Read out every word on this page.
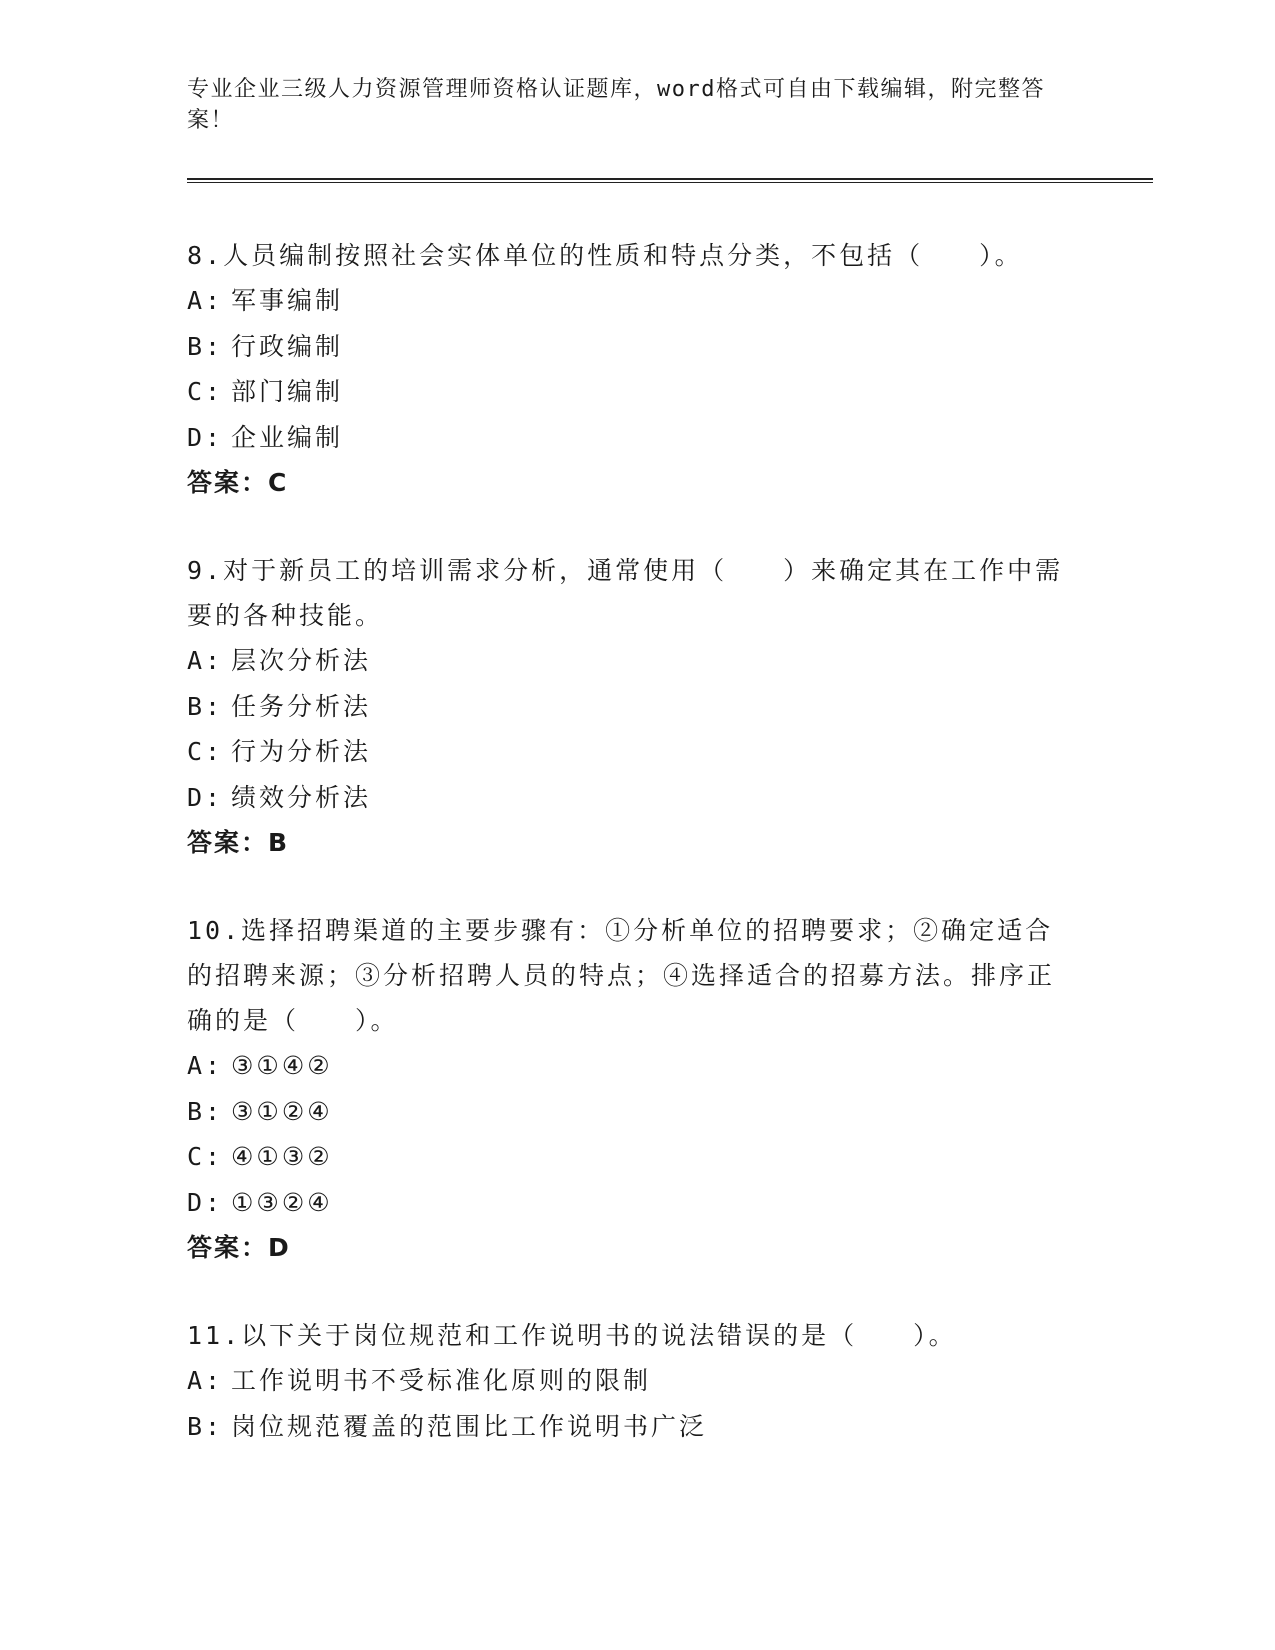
专业企业三级人力资源管理师资格认证题库，word格式可自由下载编辑，附完整答案！

8.人员编制按照社会实体单位的性质和特点分类，不包括（　　）。

A: 军事编制

B: 行政编制

C: 部门编制

D: 企业编制

答案：C

9.对于新员工的培训需求分析，通常使用（　　）来确定其在工作中需要的各种技能。

A: 层次分析法

B: 任务分析法

C: 行为分析法

D: 绩效分析法

答案：B

10.选择招聘渠道的主要步骤有：①分析单位的招聘要求；②确定适合的招聘来源；③分析招聘人员的特点；④选择适合的招募方法。排序正确的是（　　）。

A: ③①④②

B: ③①②④

C: ④①③②

D: ①③②④

答案：D

11.以下关于岗位规范和工作说明书的说法错误的是（　　）。

A: 工作说明书不受标准化原则的限制

B: 岗位规范覆盖的范围比工作说明书广泛
